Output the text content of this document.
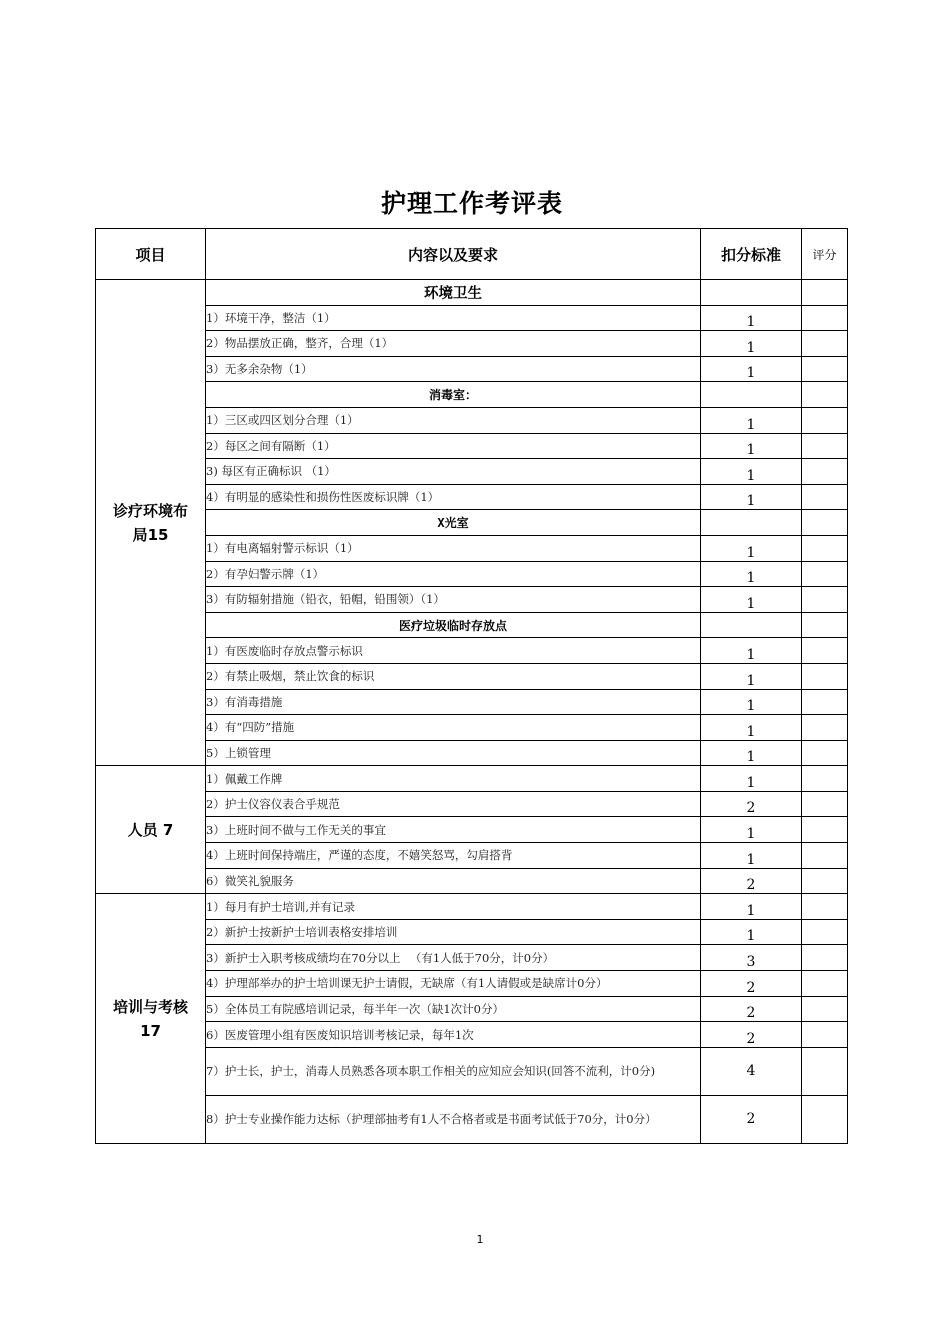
护理工作考评表
项目	内容以及要求	扣分标准	评分

诊疗环境布局15	环境卫生		
	1）环境干净，整洁（1）	1	
	2）物品摆放正确，整齐，合理（1）	1	
	3）无多余杂物（1）	1	
	消毒室：		
	1）三区或四区划分合理（1）	1	
	2）每区之间有隔断（1）	1	
	3) 每区有正确标识 （1）	1	
	4）有明显的感染性和损伤性医废标识牌（1）	1	
	X光室		
	1）有电离辐射警示标识（1）	1	
	2）有孕妇警示牌（1）	1	
	3）有防辐射措施（铅衣，铅帽，铅围领）（1）	1	
	医疗垃圾临时存放点		
	1）有医废临时存放点警示标识	1	
	2）有禁止吸烟，禁止饮食的标识	1	
	3）有消毒措施	1	
	4）有“四防”措施	1	
	5）上锁管理	1	
人员 7	1）佩戴工作牌	1	
	2）护士仪容仪表合乎规范	2	
	3）上班时间不做与工作无关的事宜	1	
	4）上班时间保持端庄，严谨的态度，不嬉笑怒骂，勾肩搭背	1	
	6）微笑礼貌服务	2	

培训与考核17	1）每月有护士培训,并有记录	1	
	2）新护士按新护士培训表格安排培训	1	
	3）新护士入职考核成绩均在70分以上 　（有1人低于70分，计0分）	3	
	4）护理部举办的护士培训课无护士请假，无缺席（有1人请假或是缺席计0分）	2	
	5）全体员工有院感培训记录，每半年一次（缺1次计0分）	2	
	6）医废管理小组有医废知识培训考核记录，每年1次	2	
	7）护士长，护士，消毒人员熟悉各项本职工作相关的应知应会知识(回答不流利，计0分)	4	
	8）护士专业操作能力达标（护理部抽考有1人不合格者或是书面考试低于70分，计0分）	2	
1
